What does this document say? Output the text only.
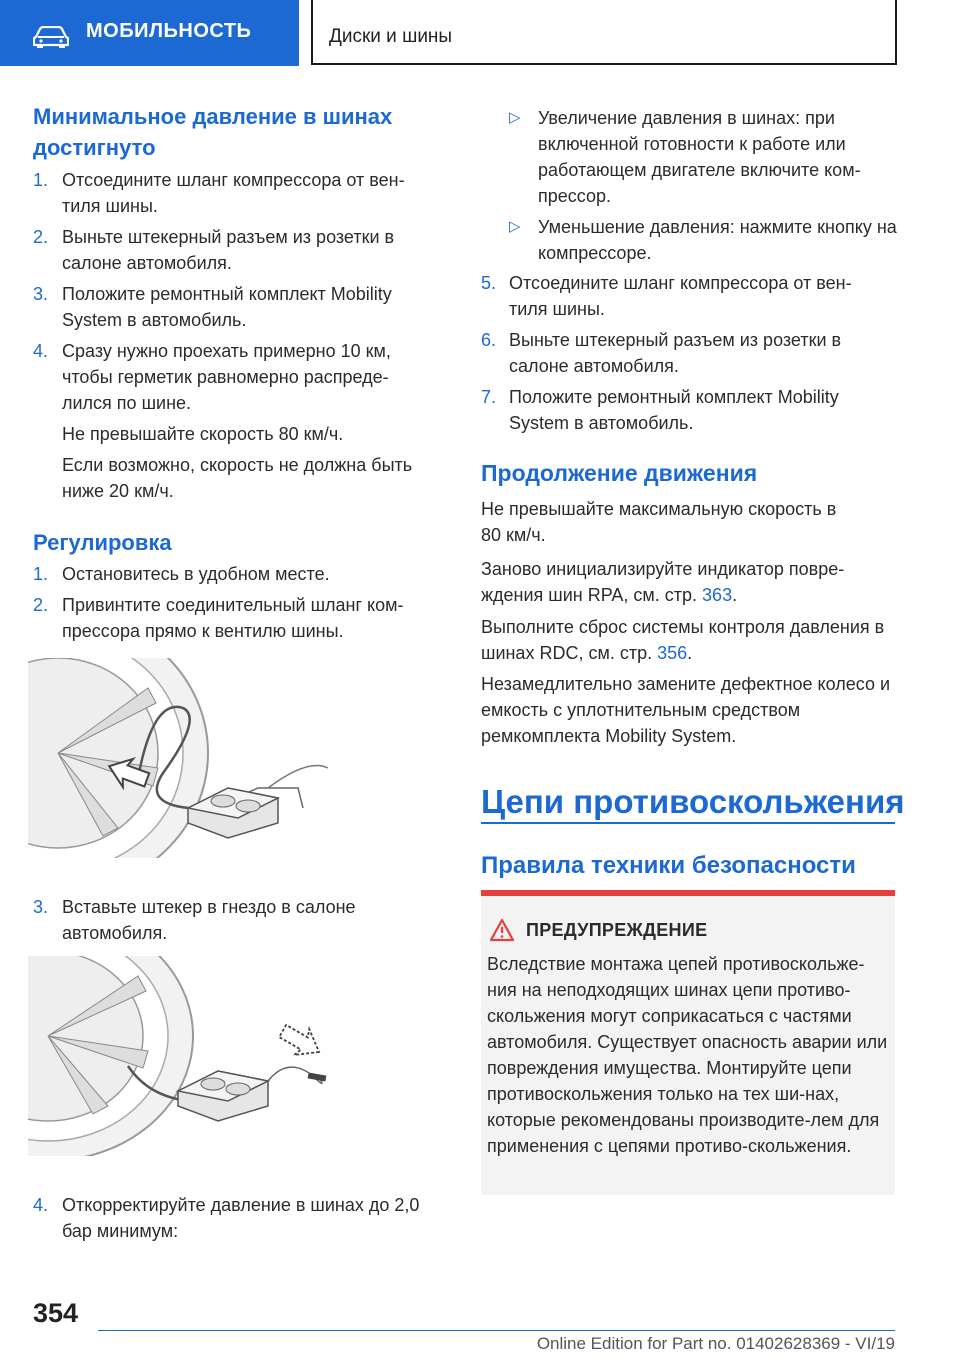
МОБИЛЬНОСТЬ	Диски и шины
Минимальное давление в шинах достигнуто
1. Отсоедините шланг компрессора от вен-тиля шины.
2. Выньте штекерный разъем из розетки в салоне автомобиля.
3. Положите ремонтный комплект Mobility System в автомобиль.
4. Сразу нужно проехать примерно 10 км, чтобы герметик равномерно распреде-лился по шине.
Не превышайте скорость 80 км/ч.
Если возможно, скорость не должна быть ниже 20 км/ч.
Регулировка
1. Остановитесь в удобном месте.
2. Привинтите соединительный шланг ком-прессора прямо к вентилю шины.
3. Вставьте штекер в гнездо в салоне автомобиля.
4. Откорректируйте давление в шинах до 2,0 бар минимум:
▷ Увеличение давления в шинах: при включенной готовности к работе или работающем двигателе включите ком-прессор.
▷ Уменьшение давления: нажмите кнопку на компрессоре.
5. Отсоедините шланг компрессора от вен-тиля шины.
6. Выньте штекерный разъем из розетки в салоне автомобиля.
7. Положите ремонтный комплект Mobility System в автомобиль.
Продолжение движения
Не превышайте максимальную скорость в 80 км/ч.
Заново инициализируйте индикатор повре-ждения шин RPA, см. стр. 363.
Выполните сброс системы контроля давления в шинах RDC, см. стр. 356.
Незамедлительно замените дефектное колесо и емкость с уплотнительным средством ремкомплекта Mobility System.
Цепи противоскольжения
Правила техники безопасности
ПРЕДУПРЕЖДЕНИЕ
Вследствие монтажа цепей противоскольже-ния на неподходящих шинах цепи противо-скольжения могут соприкасаться с частями автомобиля. Существует опасность аварии или повреждения имущества. Монтируйте цепи противоскольжения только на тех ши-нах, которые рекомендованы производите-лем для применения с цепями противо-скольжения.
354
Online Edition for Part no. 01402628369 - VI/19
